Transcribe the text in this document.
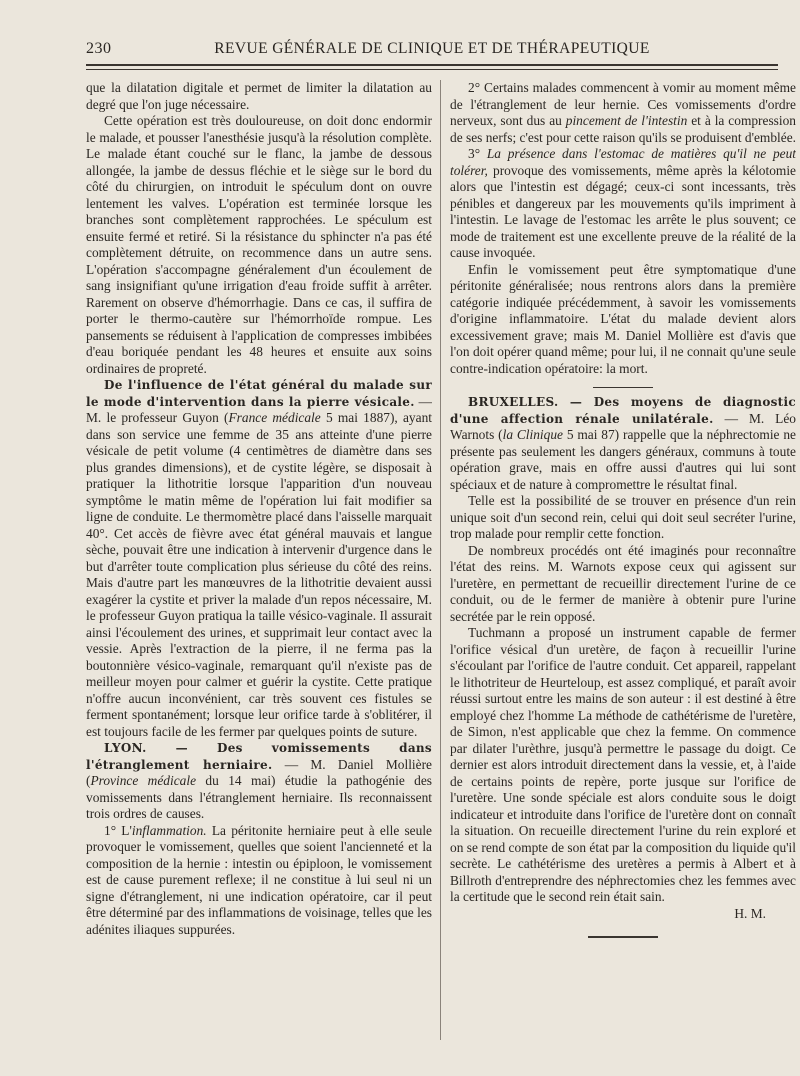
230	REVUE GÉNÉRALE DE CLINIQUE ET DE THÉRAPEUTIQUE

que la dilatation digitale et permet de limiter la dilatation au degré que l'on juge nécessaire.

Cette opération est très douloureuse, on doit donc endormir le malade, et pousser l'anesthésie jusqu'à la résolution complète. Le malade étant couché sur le flanc, la jambe de dessous allongée, la jambe de dessus fléchie et le siège sur le bord du côté du chirurgien, on introduit le spéculum dont on ouvre lentement les valves. L'opération est terminée lorsque les branches sont complètement rapprochées. Le spéculum est ensuite fermé et retiré. Si la résistance du sphincter n'a pas été complètement détruite, on recommence dans un autre sens. L'opération s'accompagne généralement d'un écoulement de sang insignifiant qu'une irrigation d'eau froide suffit à arrêter. Rarement on observe d'hémorrhagie. Dans ce cas, il suffira de porter le thermo-cautère sur l'hémorrhoïde rompue. Les pansements se réduisent à l'application de compresses imbibées d'eau boriquée pendant les 48 heures et ensuite aux soins ordinaires de propreté.

De l'influence de l'état général du malade sur le mode d'intervention dans la pierre vésicale. — M. le professeur Guyon (France médicale 5 mai 1887), ayant dans son service une femme de 35 ans atteinte d'une pierre vésicale de petit volume (4 centimètres de diamètre dans ses plus grandes dimensions), et de cystite légère, se disposait à pratiquer la lithotritie lorsque l'apparition d'un nouveau symptôme le matin même de l'opération lui fait modifier sa ligne de conduite. Le thermomètre placé dans l'aisselle marquait 40°. Cet accès de fièvre avec état général mauvais et langue sèche, pouvait être une indication à intervenir d'urgence dans le but d'arrêter toute complication plus sérieuse du côté des reins. Mais d'autre part les manœuvres de la lithotritie devaient aussi exagérer la cystite et priver la malade d'un repos nécessaire, M. le professeur Guyon pratiqua la taille vésico-vaginale. Il assurait ainsi l'écoulement des urines, et supprimait leur contact avec la vessie. Après l'extraction de la pierre, il ne ferma pas la boutonnière vésico-vaginale, remarquant qu'il n'existe pas de meilleur moyen pour calmer et guérir la cystite. Cette pratique n'offre aucun inconvénient, car très souvent ces fistules se ferment spontanément; lorsque leur orifice tarde à s'oblitérer, il est toujours facile de les fermer par quelques points de suture.

LYON. — Des vomissements dans l'étranglement herniaire. — M. Daniel Mollière (Province médicale du 14 mai) étudie la pathogénie des vomissements dans l'étranglement herniaire. Ils reconnaissent trois ordres de causes.

1° L'inflammation. La péritonite herniaire peut à elle seule provoquer le vomissement, quelles que soient l'ancienneté et la composition de la hernie : intestin ou épiploon, le vomissement est de cause purement reflexe; il ne constitue à lui seul ni un signe d'étranglement, ni une indication opératoire, car il peut être déterminé par des inflammations de voisinage, telles que les adénites iliaques suppurées.

2° Certains malades commencent à vomir au moment même de l'étranglement de leur hernie. Ces vomissements d'ordre nerveux, sont dus au pincement de l'intestin et à la compression de ses nerfs; c'est pour cette raison qu'ils se produisent d'emblée.

3° La présence dans l'estomac de matières qu'il ne peut tolérer, provoque des vomissements, même après la kélotomie alors que l'intestin est dégagé; ceux-ci sont incessants, très pénibles et dangereux par les mouvements qu'ils impriment à l'intestin. Le lavage de l'estomac les arrête le plus souvent; ce mode de traitement est une excellente preuve de la réalité de la cause invoquée.

Enfin le vomissement peut être symptomatique d'une péritonite généralisée; nous rentrons alors dans la première catégorie indiquée précédemment, à savoir les vomissements d'origine inflammatoire. L'état du malade devient alors excessivement grave; mais M. Daniel Mollière est d'avis que l'on doit opérer quand même; pour lui, il ne connait qu'une seule contre-indication opératoire: la mort.

BRUXELLES. — Des moyens de diagnostic d'une affection rénale unilatérale. — M. Léo Warnots (la Clinique 5 mai 87) rappelle que la néphrectomie ne présente pas seulement les dangers généraux, communs à toute opération grave, mais en offre aussi d'autres qui lui sont spéciaux et de nature à compromettre le résultat final.

Telle est la possibilité de se trouver en présence d'un rein unique soit d'un second rein, celui qui doit seul secréter l'urine, trop malade pour remplir cette fonction.

De nombreux procédés ont été imaginés pour reconnaître l'état des reins. M. Warnots expose ceux qui agissent sur l'uretère, en permettant de recueillir directement l'urine de ce conduit, ou de le fermer de manière à obtenir pure l'urine secrétée par le rein opposé.

Tuchmann a proposé un instrument capable de fermer l'orifice vésical d'un uretère, de façon à recueillir l'urine s'écoulant par l'orifice de l'autre conduit. Cet appareil, rappelant le lithotriteur de Heurteloup, est assez compliqué, et paraît avoir réussi surtout entre les mains de son auteur : il est destiné à être employé chez l'homme La méthode de cathétérisme de l'uretère, de Simon, n'est applicable que chez la femme. On commence par dilater l'urèthre, jusqu'à permettre le passage du doigt. Ce dernier est alors introduit directement dans la vessie, et, à l'aide de certains points de repère, porte jusque sur l'orifice de l'uretère. Une sonde spéciale est alors conduite sous le doigt indicateur et introduite dans l'orifice de l'uretère dont on connaît la situation. On recueille directement l'urine du rein exploré et on se rend compte de son état par la composition du liquide qu'il secrète. Le cathétérisme des uretères a permis à Albert et à Billroth d'entreprendre des néphrectomies chez les femmes avec la certitude que le second rein était sain.

H. M.
